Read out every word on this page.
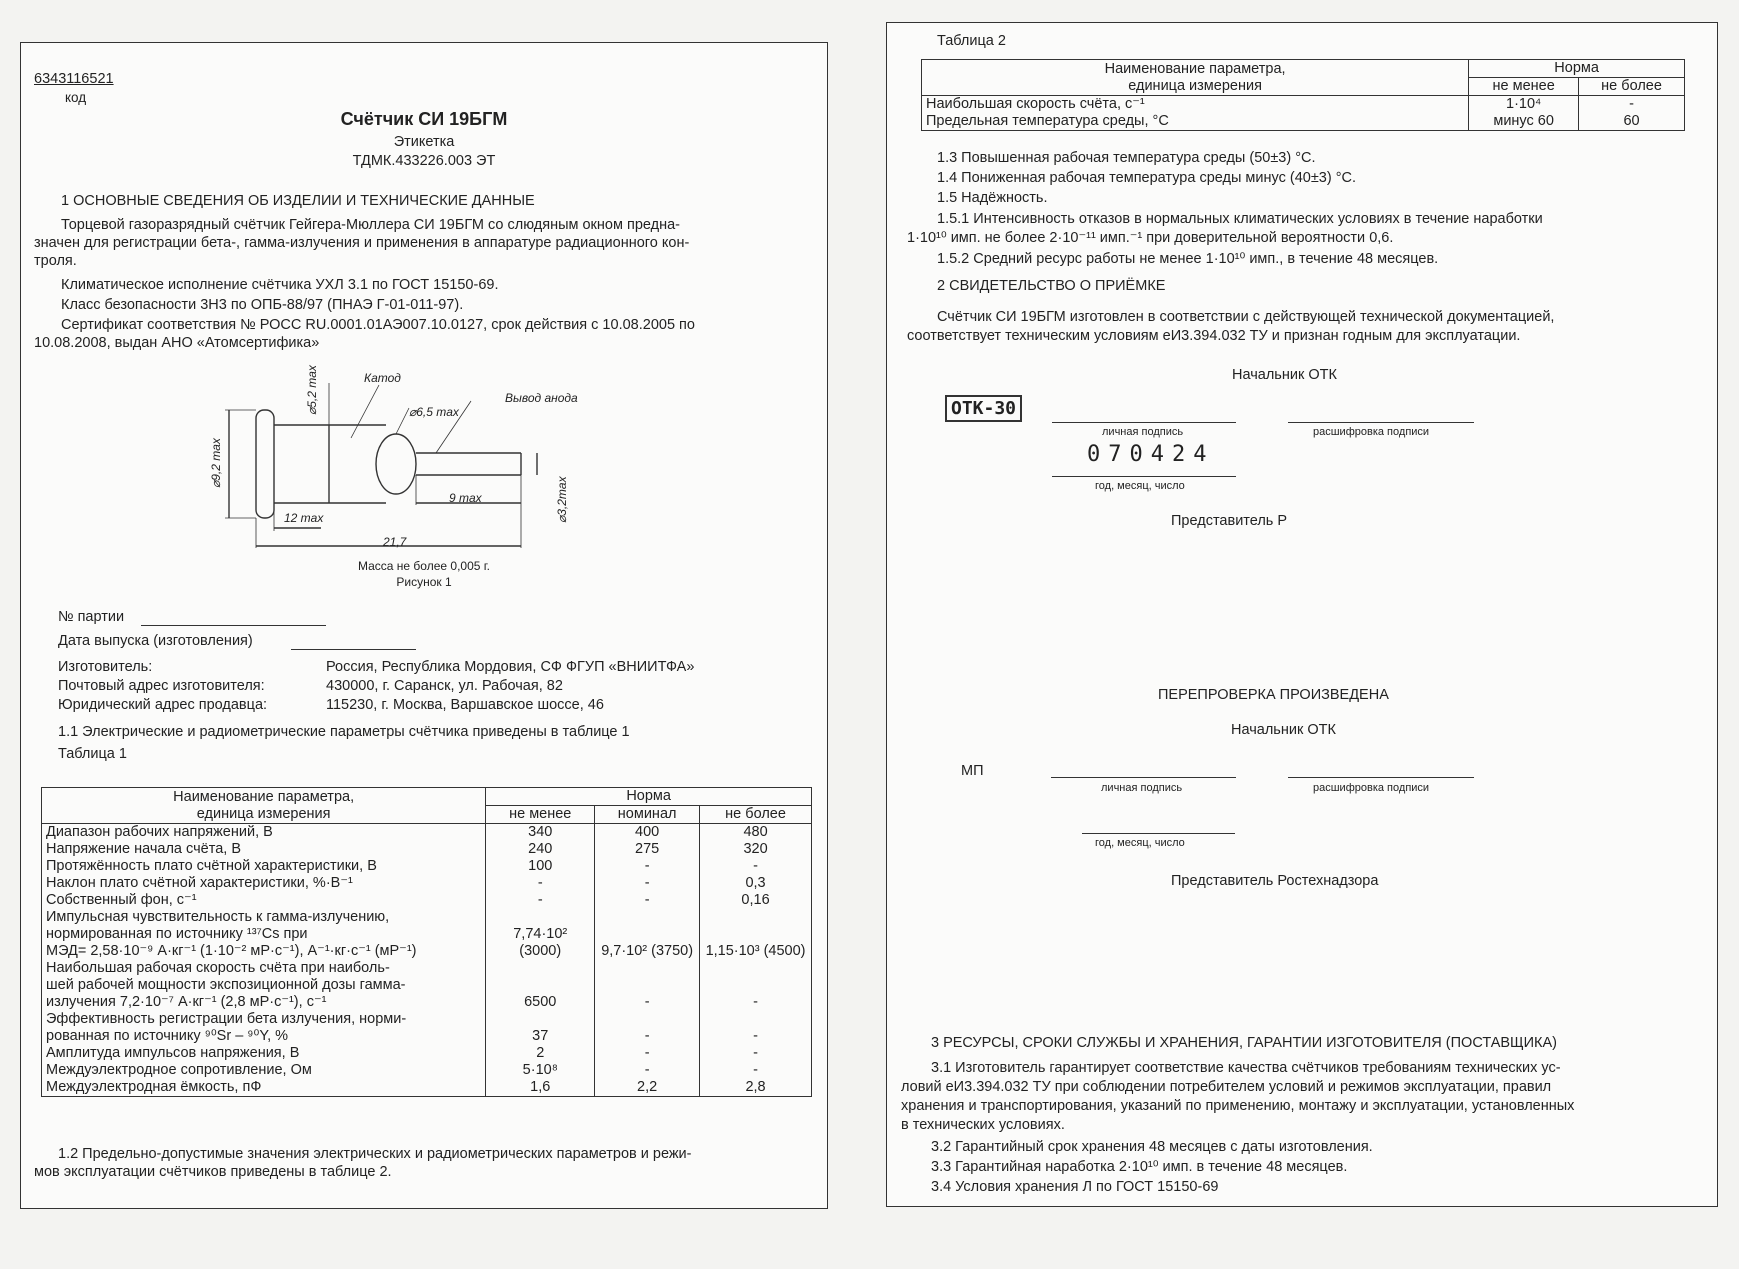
6343116521
код
Счётчик СИ 19БГМ
Этикетка
ТДМК.433226.003 ЭТ
1 ОСНОВНЫЕ СВЕДЕНИЯ ОБ ИЗДЕЛИИ И ТЕХНИЧЕСКИЕ ДАННЫЕ
Торцевой газоразрядный счётчик Гейгера-Мюллера СИ 19БГМ со слюдяным окном предна-
значен для регистрации бета-, гамма-излучения и применения в аппаратуре радиационного кон-
троля.
Климатическое исполнение счётчика УХЛ 3.1 по ГОСТ 15150-69.
Класс безопасности 3Н3 по ОПБ-88/97 (ПНАЭ Г-01-011-97).
Сертификат соответствия № РОСС RU.0001.01АЭ007.10.0127, срок действия с 10.08.2005 по
10.08.2008, выдан АНО «Атомсертифика»
Катод
Вывод анода
⌀6,5 max
⌀5,2 max
⌀9,2 max
12 max
9 max	⌀3,2max
21,7
Масса не более 0,005 г.
Рисунок 1
№ партии
Дата выпуска (изготовления)
Изготовитель:	Россия, Республика Мордовия, СФ ФГУП «ВНИИТФА»
Почтовый адрес изготовителя:	430000, г. Саранск, ул. Рабочая, 82
Юридический адрес продавца:	115230, г. Москва, Варшавское шоссе, 46
1.1 Электрические и радиометрические параметры счётчика приведены в таблице 1
Таблица 1
Наименование параметра,
единица измерения	Норма		
	не менее	номинал	не более

Диапазон рабочих напряжений, В	340	400	480

Напряжение начала счёта, В	240	275	320

Протяжённость плато счётной характеристики, В	100	-	-

Наклон плато счётной характеристики, %·В⁻¹	-	-	0,3

Собственный фон, с⁻¹	-	-	0,16

Импульсная чувствительность к гамма-излучению,
нормированная по источнику ¹³⁷Cs при
МЭД= 2,58·10⁻⁹ А·кг⁻¹ (1·10⁻² мР·с⁻¹), А⁻¹·кг·с⁻¹ (мР⁻¹)	7,74·10² (3000)	9,7·10² (3750)	1,15·10³ (4500)

Наибольшая рабочая скорость счёта при наиболь-
шей рабочей мощности экспозиционной дозы гамма-
излучения 7,2·10⁻⁷ А·кг⁻¹ (2,8 мР·с⁻¹), с⁻¹	6500	-	-

Эффективность регистрации бета излучения, норми-
рованная по источнику ⁹⁰Sr – ⁹⁰Y, %	37	-	-

Амплитуда импульсов напряжения, В	2	-	-

Междуэлектродное сопротивление, Ом	5·10⁸	-	-

Междуэлектродная ёмкость, пФ	1,6	2,2	2,8
1.2 Предельно-допустимые значения электрических и радиометрических параметров и режи-
мов эксплуатации счётчиков приведены в таблице 2.
Таблица 2
Наименование параметра,
единица измерения	Норма	
	не менее	не более
Наибольшая скорость счёта, с⁻¹	1·10⁴	-
Предельная температура среды, °С	минус 60	60
1.3 Повышенная рабочая температура среды (50±3) °С.
1.4 Пониженная рабочая температура среды минус (40±3) °С.
1.5 Надёжность.
1.5.1 Интенсивность отказов в нормальных климатических условиях в течение наработки
1·10¹⁰ имп. не более 2·10⁻¹¹ имп.⁻¹ при доверительной вероятности 0,6.
1.5.2 Средний ресурс работы не менее 1·10¹⁰ имп., в течение 48 месяцев.
2 СВИДЕТЕЛЬСТВО О ПРИЁМКЕ
Счётчик СИ 19БГМ изготовлен в соответствии с действующей технической документацией,
соответствует техническим условиям еИ3.394.032 ТУ и признан годным для эксплуатации.
Начальник ОТК
ОТК-30
личная подпись	расшифровка подписи
070424
год, месяц, число
Представитель Р
ПЕРЕПРОВЕРКА ПРОИЗВЕДЕНА
Начальник ОТК
МП
личная подпись	расшифровка подписи
год, месяц, число
Представитель Ростехнадзора
3 РЕСУРСЫ, СРОКИ СЛУЖБЫ И ХРАНЕНИЯ, ГАРАНТИИ ИЗГОТОВИТЕЛЯ (ПОСТАВЩИКА)
3.1 Изготовитель гарантирует соответствие качества счётчиков требованиям технических ус-
ловий еИ3.394.032 ТУ при соблюдении потребителем условий и режимов эксплуатации, правил
хранения и транспортирования, указаний по применению, монтажу и эксплуатации, установленных
в технических условиях.
3.2 Гарантийный срок хранения 48 месяцев с даты изготовления.
3.3 Гарантийная наработка 2·10¹⁰ имп. в течение 48 месяцев.
3.4 Условия хранения Л по ГОСТ 15150-69
